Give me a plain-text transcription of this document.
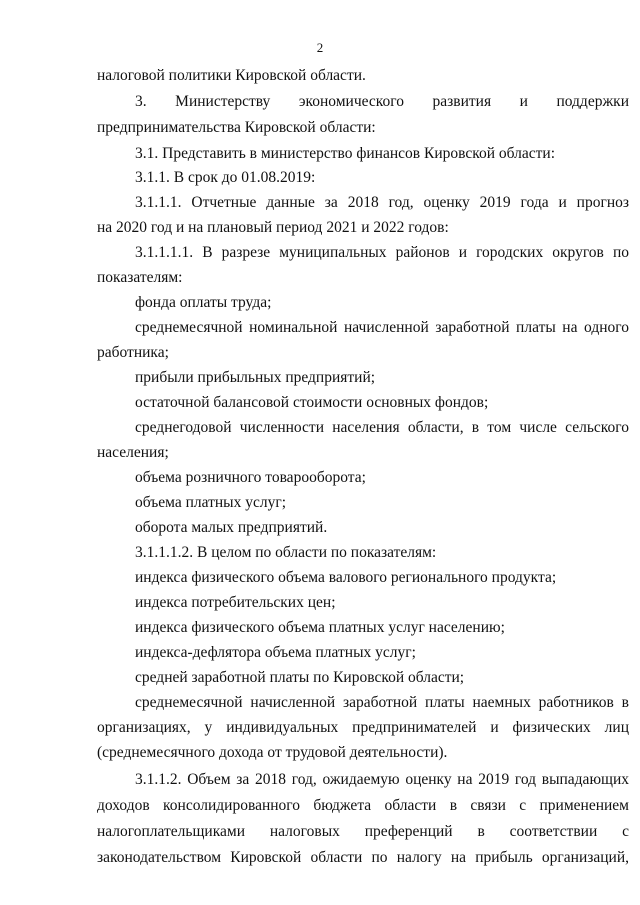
2
налоговой политики Кировской области.
3. Министерству экономического развития и поддержки
предпринимательства Кировской области:
3.1. Представить в министерство финансов Кировской области:
3.1.1. В срок до 01.08.2019:
3.1.1.1. Отчетные данные за 2018 год, оценку 2019 года и прогноз
на 2020 год и на плановый период 2021 и 2022 годов:
3.1.1.1.1. В разрезе муниципальных районов и городских округов по
показателям:
фонда оплаты труда;
среднемесячной номинальной начисленной заработной платы на одного
работника;
прибыли прибыльных предприятий;
остаточной балансовой стоимости основных фондов;
среднегодовой численности населения области, в том числе сельского
населения;
объема розничного товарооборота;
объема платных услуг;
оборота малых предприятий.
3.1.1.1.2. В целом по области по показателям:
индекса физического объема валового регионального продукта;
индекса потребительских цен;
индекса физического объема платных услуг населению;
индекса-дефлятора объема платных услуг;
средней заработной платы по Кировской области;
среднемесячной начисленной заработной платы наемных работников в
организациях, у индивидуальных предпринимателей и физических лиц
(среднемесячного дохода от трудовой деятельности).
3.1.1.2. Объем за 2018 год, ожидаемую оценку на 2019 год выпадающих
доходов консолидированного бюджета области в связи с применением
налогоплательщиками налоговых преференций в соответствии с
законодательством Кировской области по налогу на прибыль организаций,
